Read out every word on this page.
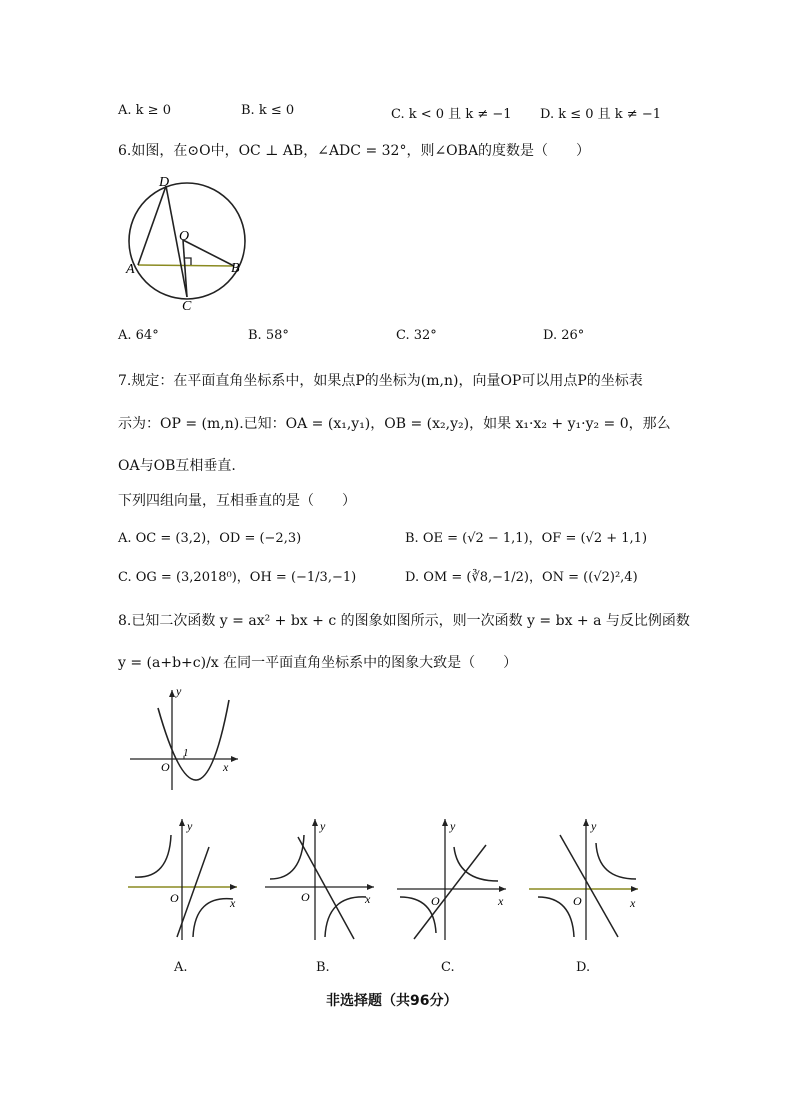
A. k ≥ 0	B. k ≤ 0	C. k < 0 且 k ≠ −1 D. k ≤ 0 且 k ≠ −1
6.如图，在⊙O中，OC ⊥ AB，∠ADC = 32°，则∠OBA的度数是（　　）
D
O
A	B
C
A. 64°	B. 58°	C. 32°	D. 26°
7.规定：在平面直角坐标系中，如果点P的坐标为(m,n)，向量OP可以用点P的坐标表
示为：OP = (m,n).已知：OA = (x₁,y₁)，OB = (x₂,y₂)，如果 x₁·x₂ + y₁·y₂ = 0，那么
OA与OB互相垂直.
下列四组向量，互相垂直的是（　　）
A. OC = (3,2)，OD = (−2,3)	B. OE = (√2 − 1,1)，OF = (√2 + 1,1)
C. OG = (3,2018⁰)，OH = (−1/3,−1)	D. OM = (∛8,−1/2)，ON = ((√2)²,4)
8.已知二次函数 y = ax² + bx + c 的图象如图所示，则一次函数 y = bx + a 与反比例函数
y = (a+b+c)/x 在同一平面直角坐标系中的图象大致是（　　）
y
O
1
x
y
O	x
y
O	x
y
O	x
y
O	x
A.	B.	C.	D.
非选择题（共96分）
